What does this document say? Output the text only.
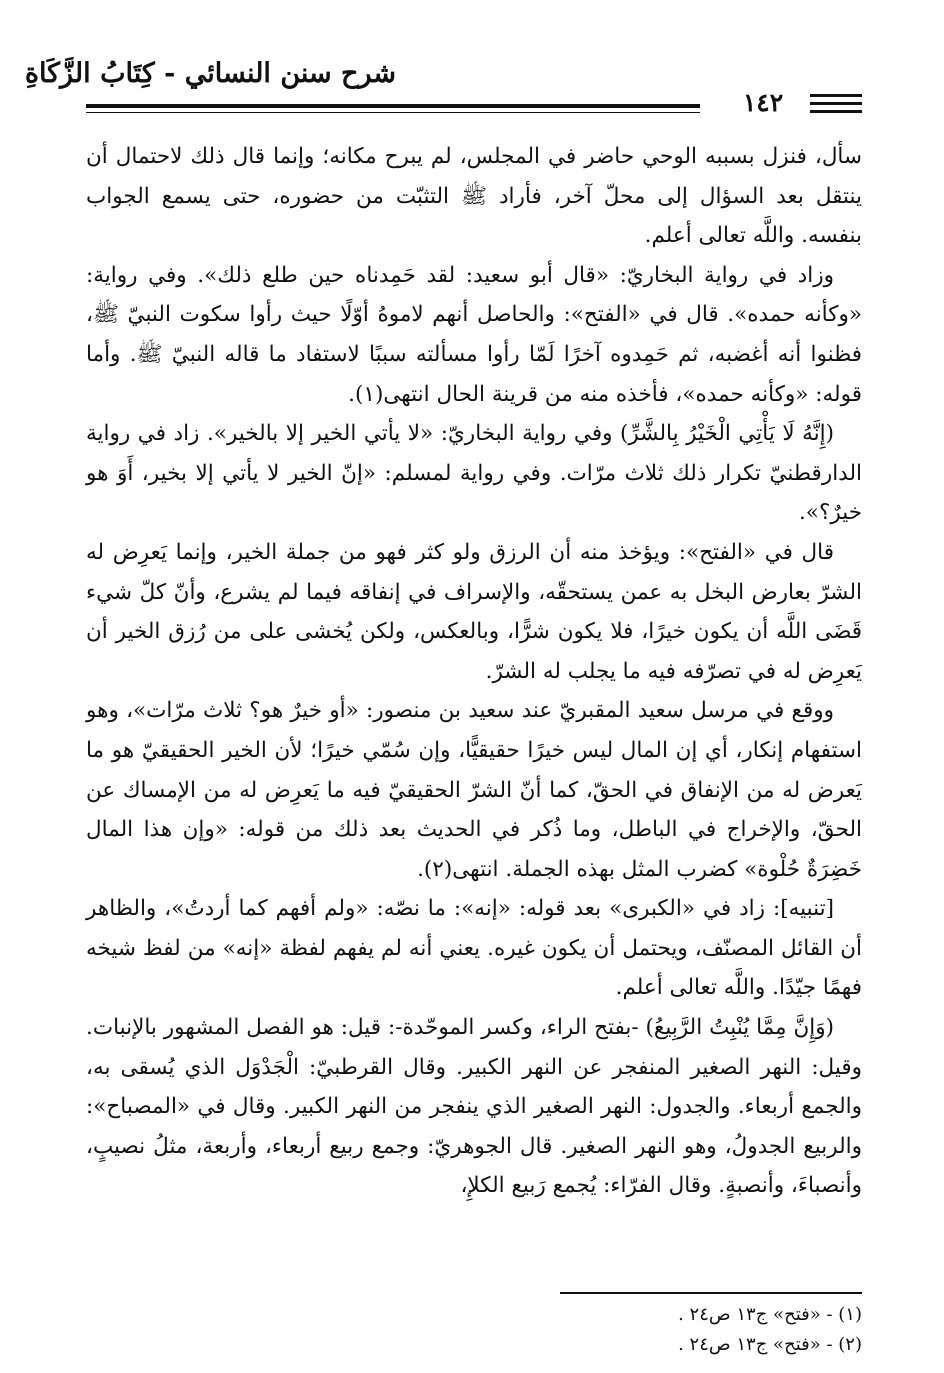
شرح سنن النسائي - كِتَابُ الزَّكَاةِ
١٤٢

سأل، فنزل بسببه الوحي حاضر في المجلس، لم يبرح مكانه؛ وإنما قال ذلك لاحتمال أن ينتقل بعد السؤال إلى محلّ آخر، فأراد ﷺ التثبّت من حضوره، حتى يسمع الجواب بنفسه. واللَّه تعالى أعلم.

وزاد في رواية البخاريّ: «قال أبو سعيد: لقد حَمِدناه حين طلع ذلك». وفي رواية: «وكأنه حمده». قال في «الفتح»: والحاصل أنهم لاموهُ أوّلًا حيث رأوا سكوت النبيّ ﷺ، فظنوا أنه أغضبه، ثم حَمِدوه آخرًا لَمّا رأوا مسألته سببًا لاستفاد ما قاله النبيّ ﷺ. وأما قوله: «وكأنه حمده»، فأخذه منه من قرينة الحال انتهى(١).

(إِنَّهُ لَا يَأْتِي الْخَيْرُ بِالشَّرِّ) وفي رواية البخاريّ: «لا يأتي الخير إلا بالخير». زاد في رواية الدارقطنيّ تكرار ذلك ثلاث مرّات. وفي رواية لمسلم: «إنّ الخير لا يأتي إلا بخير، أَوَ هو خيرٌ؟».

قال في «الفتح»: ويؤخذ منه أن الرزق ولو كثر فهو من جملة الخير، وإنما يَعرِض له الشرّ بعارض البخل به عمن يستحقّه، والإسراف في إنفاقه فيما لم يشرع، وأنّ كلّ شيء قَضَى اللَّه أن يكون خيرًا، فلا يكون شرًّا، وبالعكس، ولكن يُخشى على من رُزق الخير أن يَعرِض له في تصرّفه فيه ما يجلب له الشرّ.

ووقع في مرسل سعيد المقبريّ عند سعيد بن منصور: «أو خيرٌ هو؟ ثلاث مرّات»، وهو استفهام إنكار، أي إن المال ليس خيرًا حقيقيًّا، وإن سُمّي خيرًا؛ لأن الخير الحقيقيّ هو ما يَعرض له من الإنفاق في الحقّ، كما أنّ الشرّ الحقيقيّ فيه ما يَعرِض له من الإمساك عن الحقّ، والإخراج في الباطل، وما ذُكر في الحديث بعد ذلك من قوله: «وإن هذا المال خَضِرَةٌ حُلْوة» كضرب المثل بهذه الجملة. انتهى(٢).

[تنبيه]: زاد في «الكبرى» بعد قوله: «إنه»: ما نصّه: «ولم أفهم كما أردتُ»، والظاهر أن القائل المصنّف، ويحتمل أن يكون غيره. يعني أنه لم يفهم لفظة «إنه» من لفظ شيخه فهمًا جيّدًا. واللَّه تعالى أعلم.

(وَإِنَّ مِمَّا يُنْبِتُ الرَّبِيعُ) -بفتح الراء، وكسر الموحّدة-: قيل: هو الفصل المشهور بالإنبات. وقيل: النهر الصغير المنفجر عن النهر الكبير. وقال القرطبيّ: الْجَدْوَل الذي يُسقى به، والجمع أربعاء. والجدول: النهر الصغير الذي ينفجر من النهر الكبير. وقال في «المصباح»: والربيع الجدولُ، وهو النهر الصغير. قال الجوهريّ: وجمع ربيع أربعاء، وأربعة، مثلُ نصيبٍ، وأنصباءَ، وأنصبةٍ. وقال الفرّاء: يُجمع رَبيع الكلإِ،

(١) - «فتح» ج١٣ ص٢٤ .
(٢) - «فتح» ج١٣ ص٢٤ .
